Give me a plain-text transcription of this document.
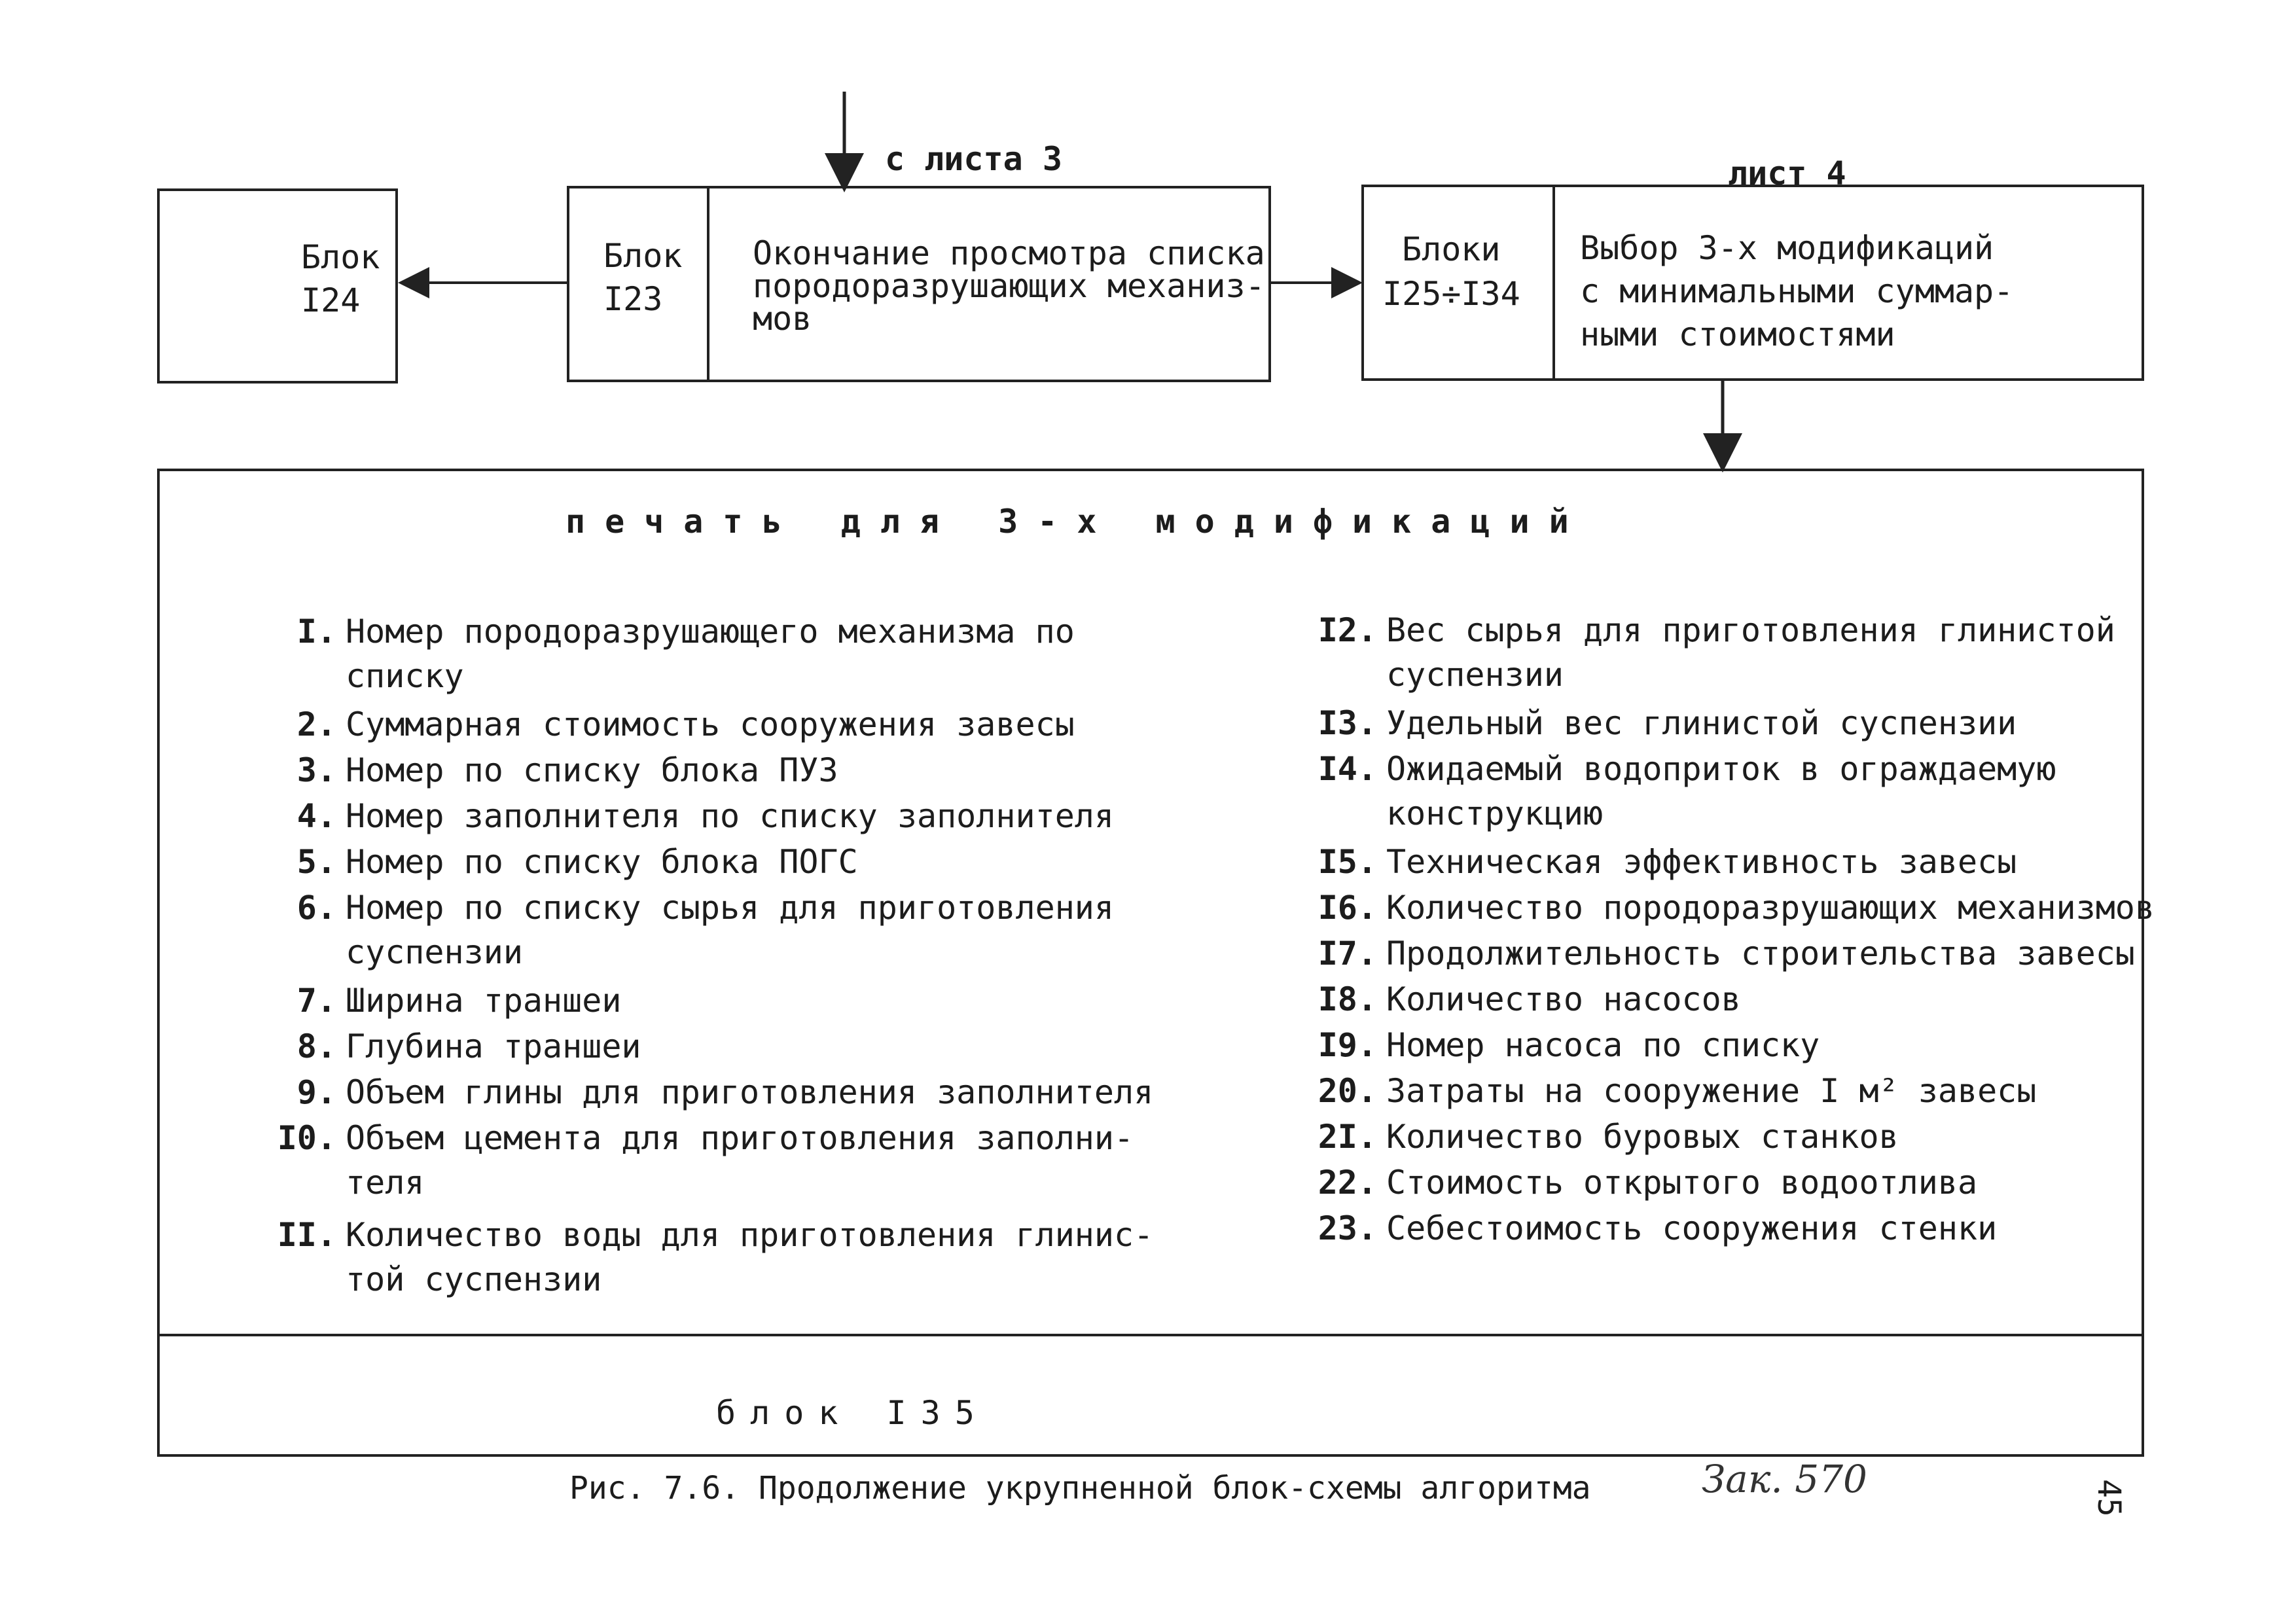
с листа 3	лист 4
Блок
I24
Блок
I23
Окончание просмотра списка
породоразрушающих механиз-
мов
Блоки
I25÷I34
Выбор 3-х модификаций
с минимальными суммар-
ными стоимостями
печать для 3-х модификаций
I. Номер породоразрушающего механизма по
списку
2. Суммарная стоимость сооружения завесы
3. Номер по списку блока ПУЗ
4. Номер заполнителя по списку заполнителя
5. Номер по списку блока ПОГС
6. Номер по списку сырья для приготовления
суспензии
7. Ширина траншеи
8. Глубина траншеи
9. Объем глины для приготовления заполнителя
I0. Объем цемента для приготовления заполни-
теля
II. Количество воды для приготовления глинис-
той суспензии
I2. Вес сырья для приготовления глинистой
суспензии
I3. Удельный вес глинистой суспензии
I4. Ожидаемый водоприток в ограждаемую
конструкцию
I5. Техническая эффективность завесы
I6. Количество породоразрушающих механизмов
I7. Продолжительность строительства завесы
I8. Количество насосов
I9. Номер насоса по списку
20. Затраты на сооружение I м² завесы
2I. Количество буровых станков
22. Стоимость открытого водоотлива
23. Себестоимость сооружения стенки
блок I35
Рис. 7.6. Продолжение укрупненной блок-схемы алгоритма	Зак. 570	45
